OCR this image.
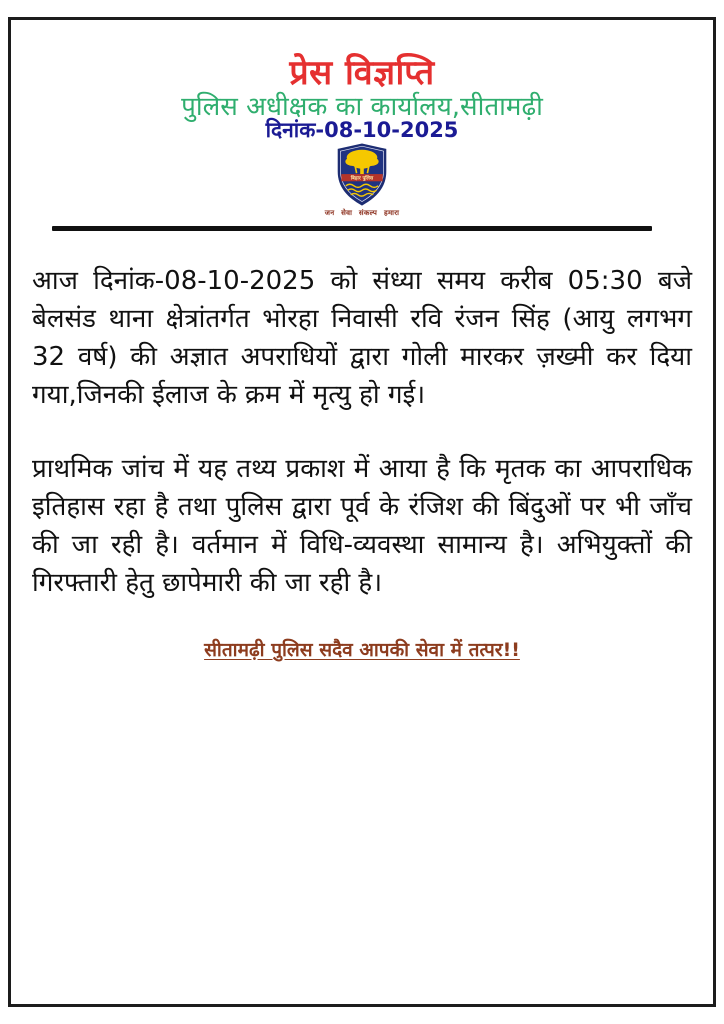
प्रेस विज्ञप्ति
पुलिस अधीक्षक का कार्यालय,सीतामढ़ी
दिनांक-08-10-2025
बिहार पुलिस
जन सेवा संकल्प हमारा
आज दिनांक-08-10-2025 को संध्या समय करीब 05:30 बजे
बेलसंड थाना क्षेत्रांतर्गत भोरहा निवासी रवि रंजन सिंह (आयु लगभग
32 वर्ष) की अज्ञात अपराधियों द्वारा गोली मारकर ज़ख्मी कर दिया
गया,जिनकी ईलाज के क्रम में मृत्यु हो गई।
प्राथमिक जांच में यह तथ्य प्रकाश में आया है कि मृतक का आपराधिक
इतिहास रहा है तथा पुलिस द्वारा पूर्व के रंजिश की बिंदुओं पर भी जाँच
की जा रही है। वर्तमान में विधि-व्यवस्था सामान्य है। अभियुक्तों की
गिरफ्तारी हेतु छापेमारी की जा रही है।
सीतामढ़ी पुलिस सदैव आपकी सेवा में तत्पर!!
